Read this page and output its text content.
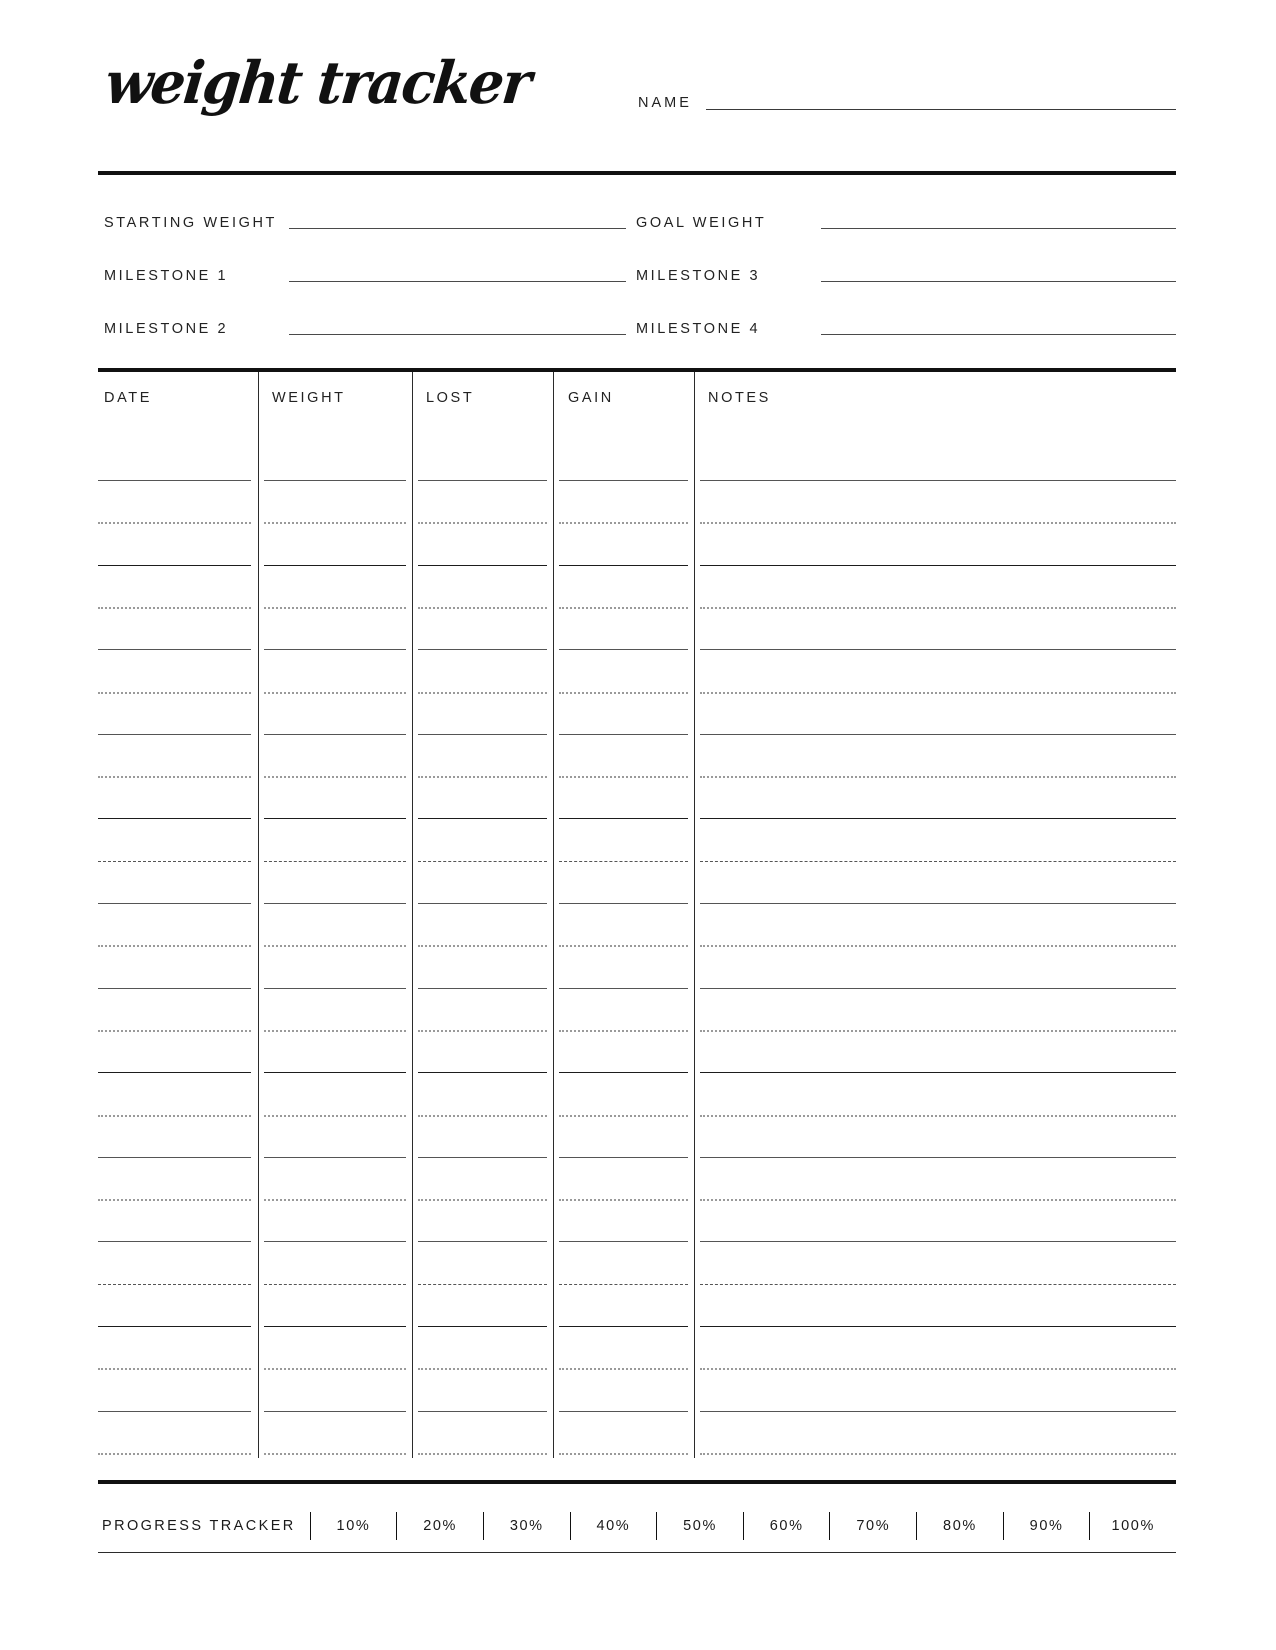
weight tracker	NAME
STARTING WEIGHT
MILESTONE 1
MILESTONE 2
GOAL WEIGHT
MILESTONE 3
MILESTONE 4
DATE	WEIGHT	LOST	GAIN	NOTES
PROGRESS TRACKER	10%	20%	30%	40%	50%	60%	70%	80%	90%	100%
